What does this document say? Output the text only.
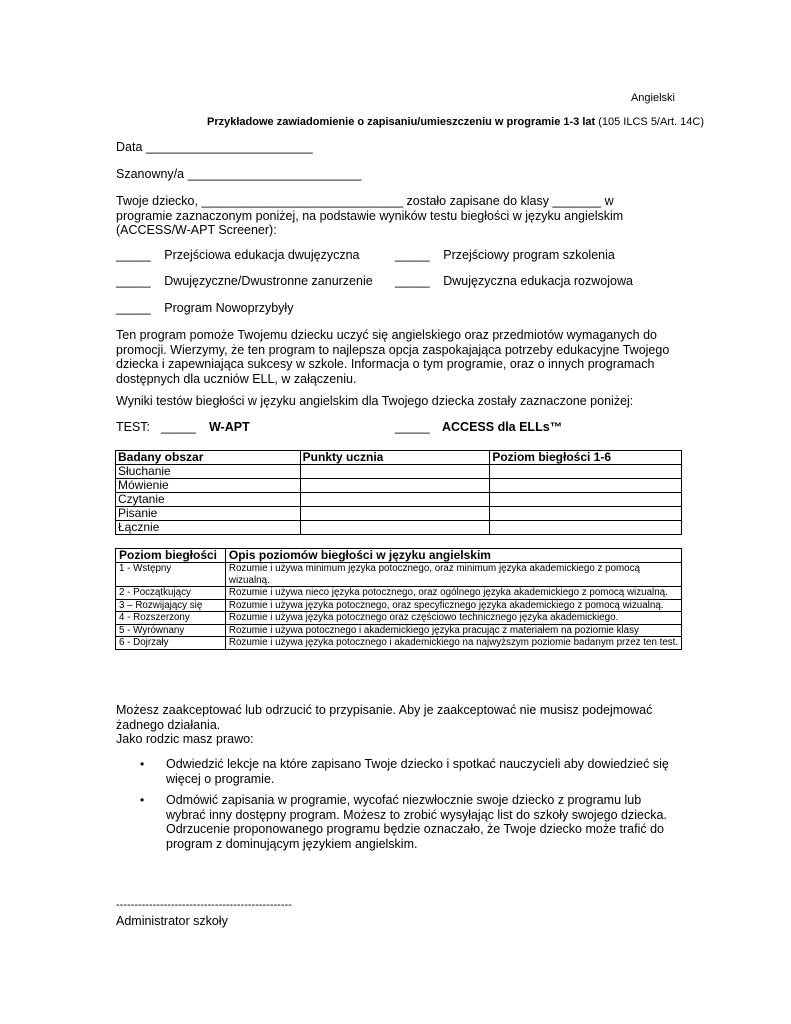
Angielski
Przykładowe zawiadomienie o zapisaniu/umieszczeniu w programie 1-3 lat (105 ILCS 5/Art. 14C)
Data ________________________
Szanowny/a _________________________

Twoje dziecko, _____________________________ zostało zapisane do klasy _______ w programie zaznaczonym poniżej, na podstawie wyników testu biegłości w języku angielskim (ACCESS/W-APT Screener):

_____ Przejściowa edukacja dwujęzyczna	_____ Przejściowy program szkolenia
_____ Dwujęzyczne/Dwustronne zanurzenie _____ Dwujęzyczna edukacja rozwojowa
_____ Program Nowoprzybyły

Ten program pomoże Twojemu dziecku uczyć się angielskiego oraz przedmiotów wymaganych do promocji. Wierzymy, że ten program to najlepsza opcja zaspokajająca potrzeby edukacyjne Twojego dziecka i zapewniająca sukcesy w szkole. Informacja o tym programie, oraz o innych programach dostępnych dla uczniów ELL, w załączeniu.

Wyniki testów biegłości w języku angielskim dla Twojego dziecka zostały zaznaczone poniżej:
TEST: _____ W-APT	_____ ACCESS dla ELLs™
Badany obszar	Punkty ucznia	Poziom biegłości 1-6
Słuchanie		
Mówienie		
Czytanie		
Pisanie		
Łącznie		
Poziom biegłości	Opis poziomów biegłości w języku angielskim
1 - Wstępny	Rozumie i używa minimum języka potocznego, oraz minimum języka akademickiego z pomocą wizualną.
2 - Początkujący	Rozumie i używa nieco języka potocznego, oraz ogólnego języka akademickiego z pomocą wizualną.
3 – Rozwijający się	Rozumie i używa języka potocznego, oraz specyficznego języka akademickiego z pomocą wizualną.
4 - Rozszerzony	Rozumie i używa języka potocznego oraz częściowo technicznego języka akademickiego.
5 - Wyrównany	Rozumie i używa potocznego i akademickiego języka pracując z materiałem na poziomie klasy
6 - Dojrzały	Rozumie i używa języka potocznego i akademickiego na najwyższym poziomie badanym przez ten test.

Możesz zaakceptować lub odrzucić to przypisanie. Aby je zaakceptować nie musisz podejmować żadnego działania.

Jako rodzic masz prawo:

• Odwiedzić lekcje na które zapisano Twoje dziecko i spotkać nauczycieli aby dowiedzieć się więcej o programie.
• Odmówić zapisania w programie, wycofać niezwłocznie swoje dziecko z programu lub wybrać inny dostępny program. Możesz to zrobić wysyłając list do szkoły swojego dziecka. Odrzucenie proponowanego programu będzie oznaczało, że Twoje dziecko może trafić do program z dominującym językiem angielskim.
------------------------------------------------
Administrator szkoły
